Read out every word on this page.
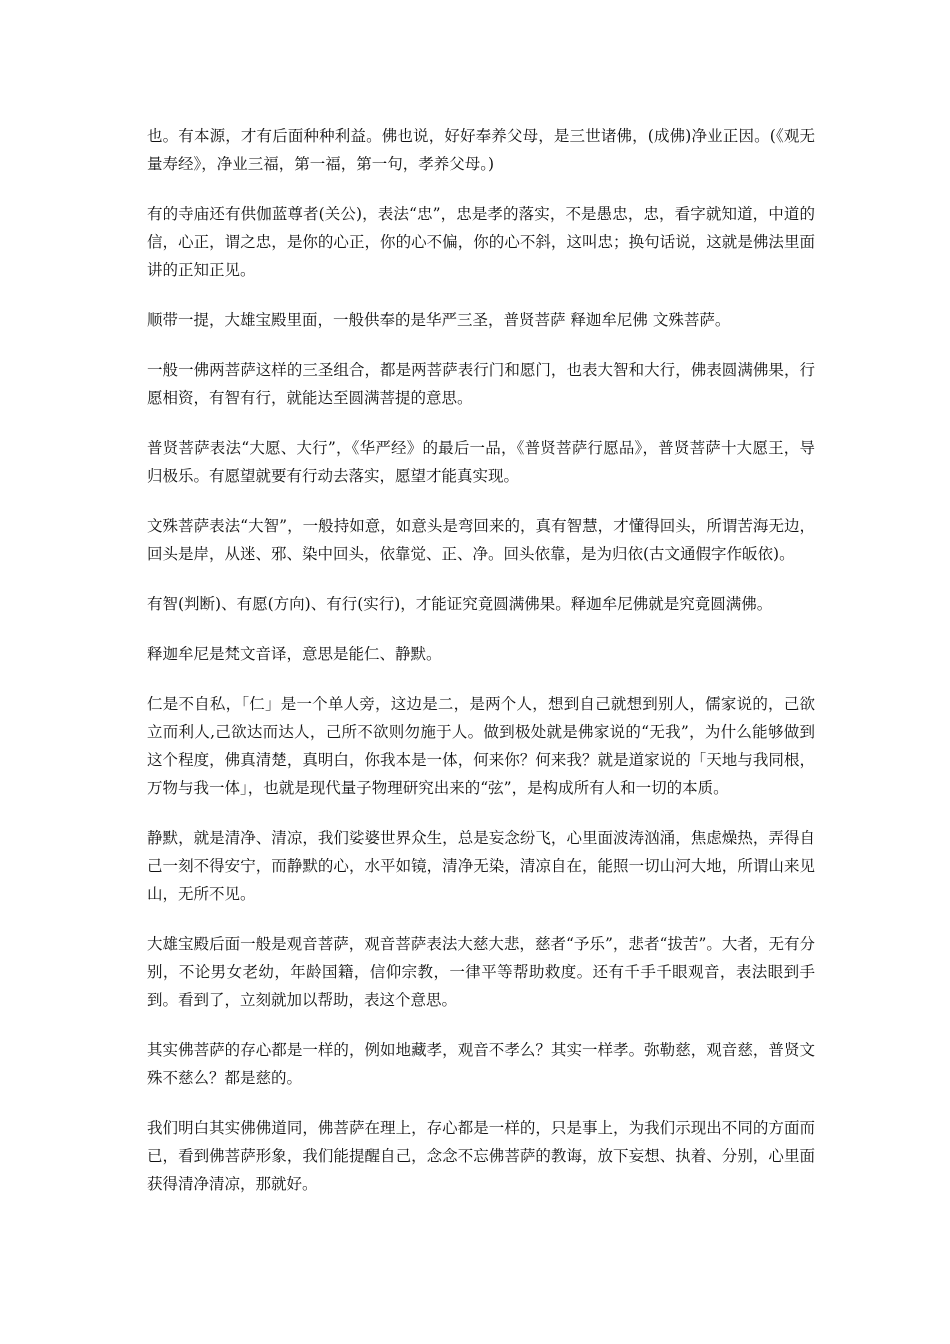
也。有本源，才有后面种种利益。佛也说，好好奉养父母，是三世诸佛，(成佛)净业正因。(《观无量寿经》，净业三福，第一福，第一句，孝养父母。)

有的寺庙还有供伽蓝尊者(关公)，表法“忠”，忠是孝的落实，不是愚忠，忠，看字就知道，中道的信，心正，谓之忠，是你的心正，你的心不偏，你的心不斜，这叫忠；换句话说，这就是佛法里面讲的正知正见。

顺带一提，大雄宝殿里面，一般供奉的是华严三圣，普贤菩萨 释迦牟尼佛 文殊菩萨。

一般一佛两菩萨这样的三圣组合，都是两菩萨表行门和愿门，也表大智和大行，佛表圆满佛果，行愿相资，有智有行，就能达至圆满菩提的意思。

普贤菩萨表法“大愿、大行”，《华严经》的最后一品，《普贤菩萨行愿品》，普贤菩萨十大愿王，导归极乐。有愿望就要有行动去落实，愿望才能真实现。

文殊菩萨表法“大智”，一般持如意，如意头是弯回来的，真有智慧，才懂得回头，所谓苦海无边，回头是岸，从迷、邪、染中回头，依靠觉、正、净。回头依靠，是为归依(古文通假字作皈依)。

有智(判断)、有愿(方向)、有行(实行)，才能证究竟圆满佛果。释迦牟尼佛就是究竟圆满佛。

释迦牟尼是梵文音译，意思是能仁、静默。

仁是不自私，「仁」是一个单人旁，这边是二，是两个人，想到自己就想到别人，儒家说的，己欲立而利人,己欲达而达人，己所不欲则勿施于人。做到极处就是佛家说的“无我”，为什么能够做到这个程度，佛真清楚，真明白，你我本是一体，何来你？何来我？就是道家说的「天地与我同根，万物与我一体」，也就是现代量子物理研究出来的“弦”，是构成所有人和一切的本质。

静默，就是清净、清凉，我们娑婆世界众生，总是妄念纷飞，心里面波涛汹涌，焦虑燥热，弄得自己一刻不得安宁，而静默的心，水平如镜，清净无染，清凉自在，能照一切山河大地，所谓山来见山，无所不见。

大雄宝殿后面一般是观音菩萨，观音菩萨表法大慈大悲，慈者“予乐”，悲者“拔苦”。大者，无有分别，不论男女老幼，年龄国籍，信仰宗教，一律平等帮助救度。还有千手千眼观音，表法眼到手到。看到了，立刻就加以帮助，表这个意思。

其实佛菩萨的存心都是一样的，例如地藏孝，观音不孝么？其实一样孝。弥勒慈，观音慈，普贤文殊不慈么？都是慈的。

我们明白其实佛佛道同，佛菩萨在理上，存心都是一样的，只是事上，为我们示现出不同的方面而已，看到佛菩萨形象，我们能提醒自己，念念不忘佛菩萨的教诲，放下妄想、执着、分别，心里面获得清净清凉，那就好。
